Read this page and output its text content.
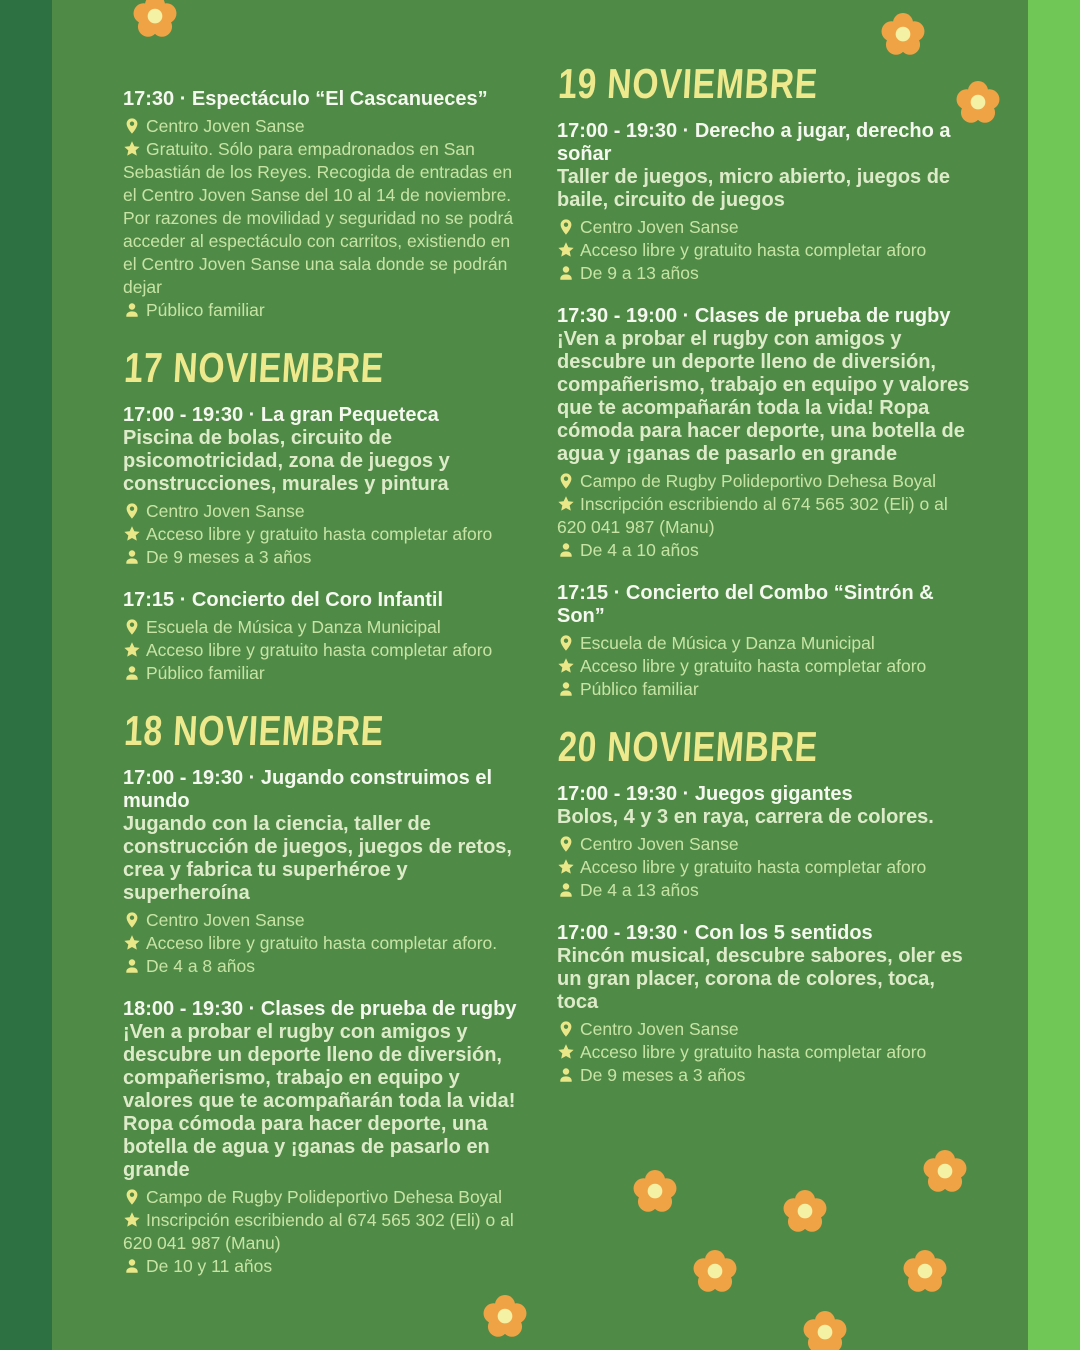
17:30 · Espectáculo “El Cascanueces”
Centro Joven Sanse
Gratuito. Sólo para empadronados en San Sebastián de los Reyes. Recogida de entradas en el Centro Joven Sanse del 10 al 14 de noviembre. Por razones de movilidad y seguridad no se podrá acceder al espectáculo con carritos, existiendo en el Centro Joven Sanse una sala donde se podrán dejar
Público familiar
17 NOVIEMBRE
17:00 - 19:30 · La gran Pequeteca

Piscina de bolas, circuito de psicomotricidad, zona de juegos y construcciones, murales y pintura

Centro Joven Sanse
Acceso libre y gratuito hasta completar aforo
De 9 meses a 3 años
17:15 · Concierto del Coro Infantil
Escuela de Música y Danza Municipal
Acceso libre y gratuito hasta completar aforo
Público familiar
18 NOVIEMBRE
17:00 - 19:30 · Jugando construimos el mundo

Jugando con la ciencia, taller de construcción de juegos, juegos de retos, crea y fabrica tu superhéroe y superheroína

Centro Joven Sanse
Acceso libre y gratuito hasta completar aforo.
De 4 a 8 años
18:00 - 19:30 · Clases de prueba de rugby

¡Ven a probar el rugby con amigos y descubre un deporte lleno de diversión, compañerismo, trabajo en equipo y valores que te acompañarán toda la vida! Ropa cómoda para hacer deporte, una botella de agua y ¡ganas de pasarlo en grande

Campo de Rugby Polideportivo Dehesa Boyal
Inscripción escribiendo al 674 565 302 (Eli) o al 620 041 987 (Manu)
De 10 y 11 años
19 NOVIEMBRE
17:00 - 19:30 · Derecho a jugar, derecho a soñar

Taller de juegos, micro abierto, juegos de baile, circuito de juegos

Centro Joven Sanse
Acceso libre y gratuito hasta completar aforo
De 9 a 13 años
17:30 - 19:00 · Clases de prueba de rugby

¡Ven a probar el rugby con amigos y descubre un deporte lleno de diversión, compañerismo, trabajo en equipo y valores que te acompañarán toda la vida! Ropa cómoda para hacer deporte, una botella de agua y ¡ganas de pasarlo en grande

Campo de Rugby Polideportivo Dehesa Boyal
Inscripción escribiendo al 674 565 302 (Eli) o al 620 041 987 (Manu)
De 4 a 10 años
17:15 · Concierto del Combo “Sintrón & Son”
Escuela de Música y Danza Municipal
Acceso libre y gratuito hasta completar aforo
Público familiar
20 NOVIEMBRE
17:00 - 19:30 · Juegos gigantes

Bolos, 4 y 3 en raya, carrera de colores.

Centro Joven Sanse
Acceso libre y gratuito hasta completar aforo
De 4 a 13 años
17:00 - 19:30 · Con los 5 sentidos

Rincón musical, descubre sabores, oler es un gran placer, corona de colores, toca, toca

Centro Joven Sanse
Acceso libre y gratuito hasta completar aforo
De 9 meses a 3 años
